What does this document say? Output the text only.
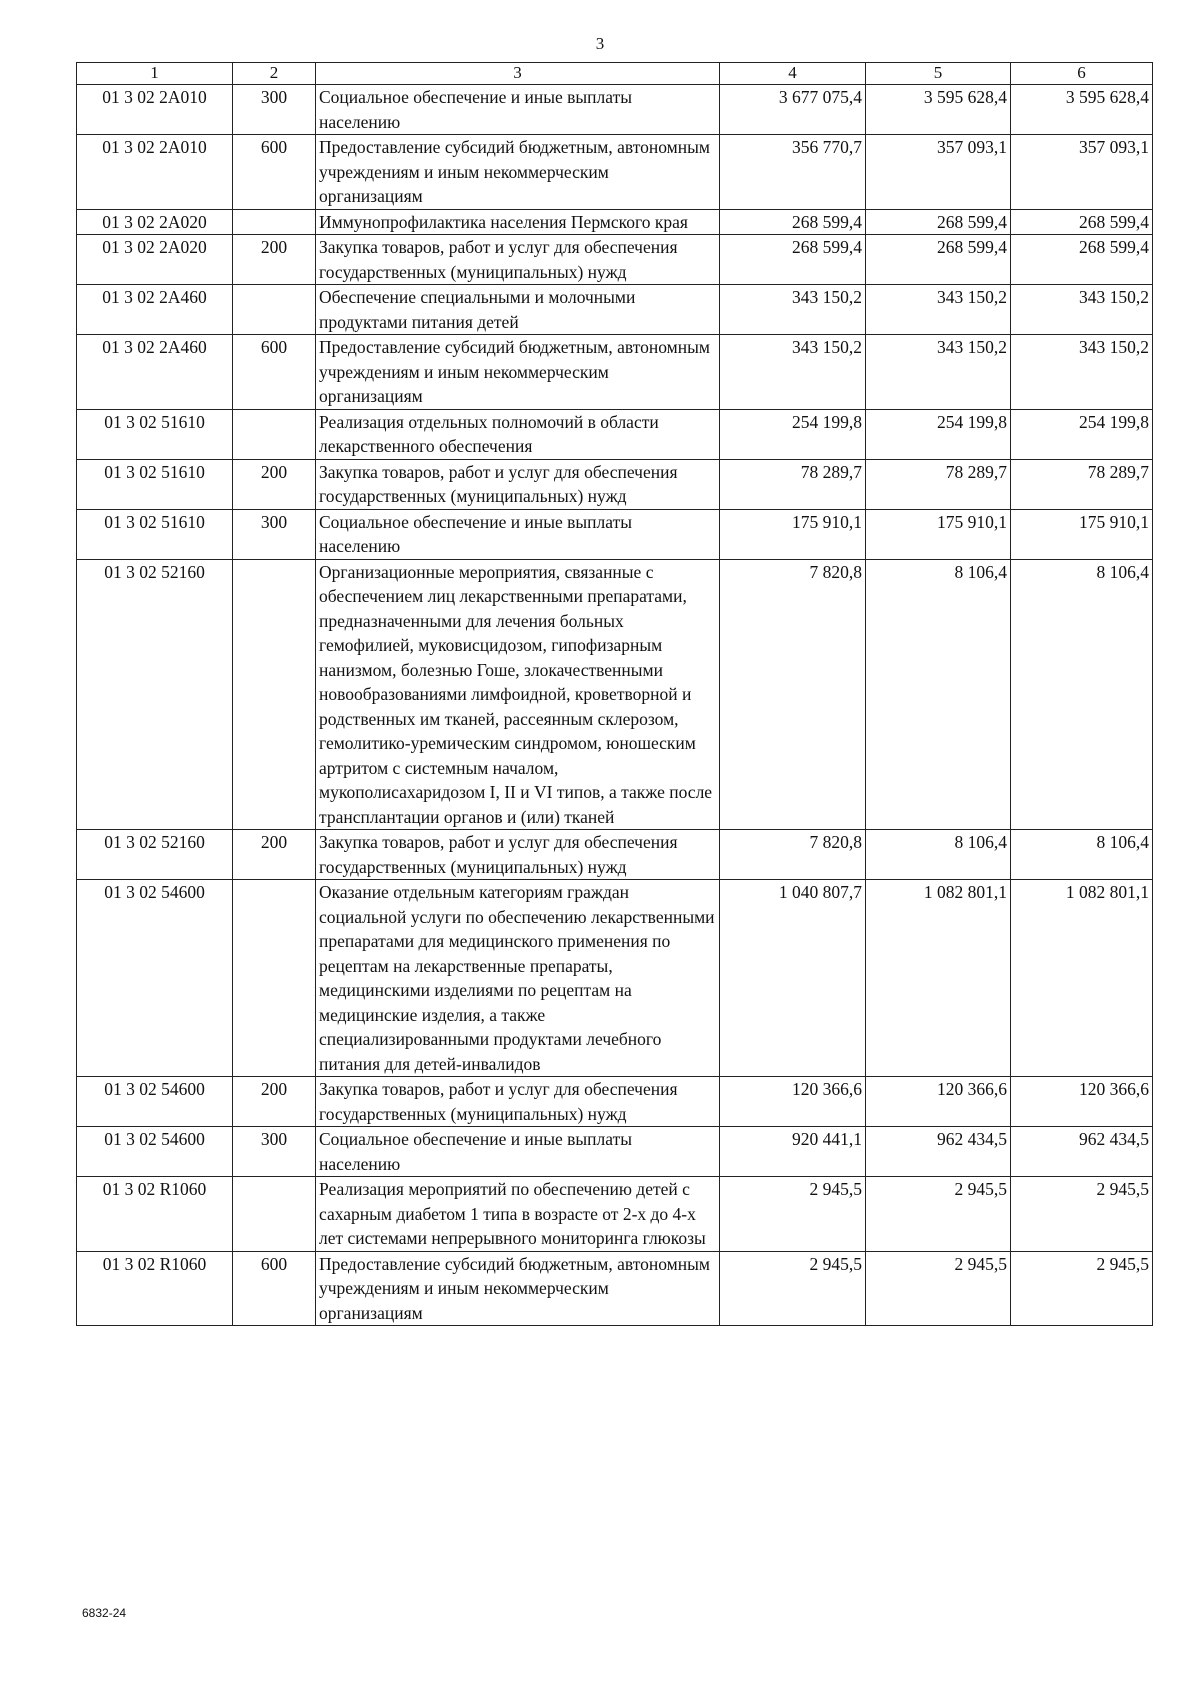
3
1	2	3	4	5	6
01 3 02 2A010	300	Социальное обеспечение и иные выплаты населению	3 677 075,4	3 595 628,4	3 595 628,4
01 3 02 2A010	600	Предоставление субсидий бюджетным, автономным учреждениям и иным некоммерческим организациям	356 770,7	357 093,1	357 093,1
01 3 02 2A020		Иммунопрофилактика населения Пермского края	268 599,4	268 599,4	268 599,4
01 3 02 2A020	200	Закупка товаров, работ и услуг для обеспечения государственных (муниципальных) нужд	268 599,4	268 599,4	268 599,4
01 3 02 2A460		Обеспечение специальными и молочными продуктами питания детей	343 150,2	343 150,2	343 150,2
01 3 02 2A460	600	Предоставление субсидий бюджетным, автономным учреждениям и иным некоммерческим организациям	343 150,2	343 150,2	343 150,2
01 3 02 51610		Реализация отдельных полномочий в области лекарственного обеспечения	254 199,8	254 199,8	254 199,8
01 3 02 51610	200	Закупка товаров, работ и услуг для обеспечения государственных (муниципальных) нужд	78 289,7	78 289,7	78 289,7
01 3 02 51610	300	Социальное обеспечение и иные выплаты населению	175 910,1	175 910,1	175 910,1
01 3 02 52160		Организационные мероприятия, связанные с обеспечением лиц лекарственными препаратами, предназначенными для лечения больных гемофилией, муковисцидозом, гипофизарным нанизмом, болезнью Гоше, злокачественными новообразованиями лимфоидной, кроветворной и родственных им тканей, рассеянным склерозом, гемолитико-уремическим синдромом, юношеским артритом с системным началом, мукополисахаридозом I, II и VI типов, а также после трансплантации органов и (или) тканей	7 820,8	8 106,4	8 106,4
01 3 02 52160	200	Закупка товаров, работ и услуг для обеспечения государственных (муниципальных) нужд	7 820,8	8 106,4	8 106,4
01 3 02 54600		Оказание отдельным категориям граждан социальной услуги по обеспечению лекарственными препаратами для медицинского применения по рецептам на лекарственные препараты, медицинскими изделиями по рецептам на медицинские изделия, а также специализированными продуктами лечебного питания для детей-инвалидов	1 040 807,7	1 082 801,1	1 082 801,1
01 3 02 54600	200	Закупка товаров, работ и услуг для обеспечения государственных (муниципальных) нужд	120 366,6	120 366,6	120 366,6
01 3 02 54600	300	Социальное обеспечение и иные выплаты населению	920 441,1	962 434,5	962 434,5
01 3 02 R1060		Реализация мероприятий по обеспечению детей с сахарным диабетом 1 типа в возрасте от 2-х до 4-х лет системами непрерывного мониторинга глюкозы	2 945,5	2 945,5	2 945,5
01 3 02 R1060	600	Предоставление субсидий бюджетным, автономным учреждениям и иным некоммерческим организациям	2 945,5	2 945,5	2 945,5
6832-24
